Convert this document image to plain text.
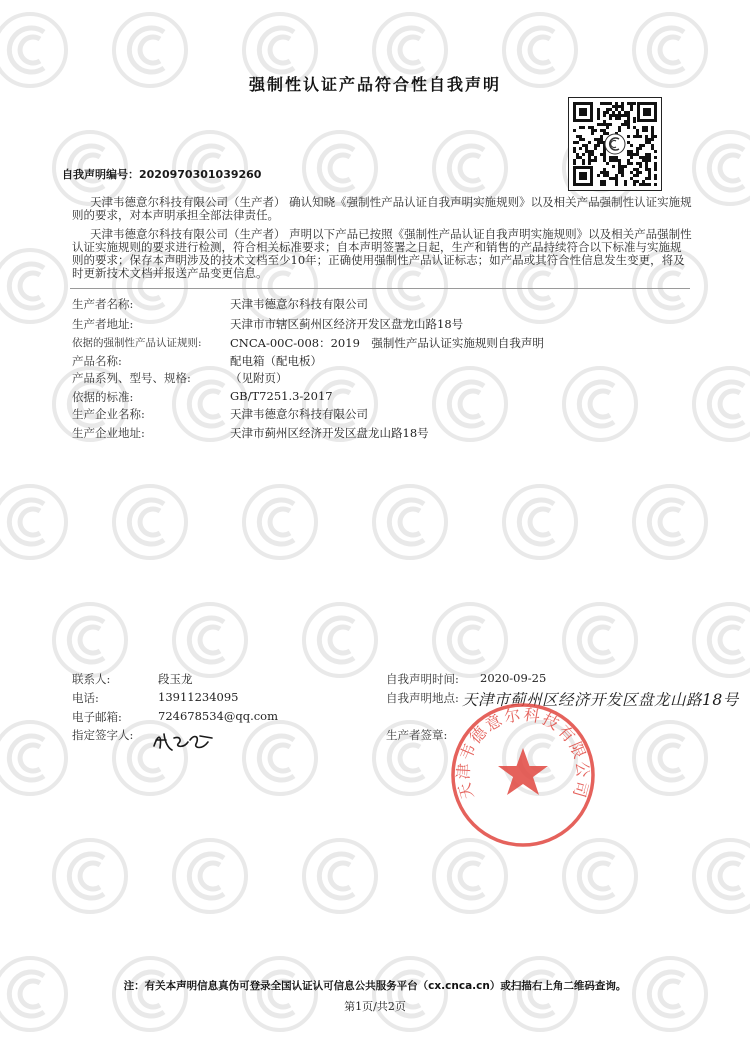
强制性认证产品符合性自我声明
自我声明编号：2020970301039260
天津韦德意尔科技有限公司（生产者） 确认知晓《强制性产品认证自我声明实施规则》以及相关产品强制性认证实施规则的要求，对本声明承担全部法律责任。
天津韦德意尔科技有限公司（生产者） 声明以下产品已按照《强制性产品认证自我声明实施规则》以及相关产品强制性认证实施规则的要求进行检测，符合相关标准要求；自本声明签署之日起，生产和销售的产品持续符合以下标准与实施规则的要求；保存本声明涉及的技术文档至少10年；正确使用强制性产品认证标志；如产品或其符合性信息发生变更，将及时更新技术文档并报送产品变更信息。
生产者名称:	天津韦德意尔科技有限公司
生产者地址:	天津市市辖区蓟州区经济开发区盘龙山路18号
依据的强制性产品认证规则: CNCA-00C-008：2019　强制性产品认证实施规则自我声明
产品名称:	配电箱（配电板）
产品系列、型号、规格:	（见附页）
依据的标准:	GB/T7251.3-2017
生产企业名称:	天津韦德意尔科技有限公司
生产企业地址:	天津市蓟州区经济开发区盘龙山路18号
联系人:	段玉龙
电话:	13911234095
电子邮箱:	724678534@qq.com
指定签字人:
自我声明时间: 2020-09-25
自我声明地点: 天津市蓟州区经济开发区盘龙山路18号
生产者签章:
天津韦德意尔科技有限公司
注：有关本声明信息真伪可登录全国认证认可信息公共服务平台（cx.cnca.cn）或扫描右上角二维码查询。
第1页/共2页
